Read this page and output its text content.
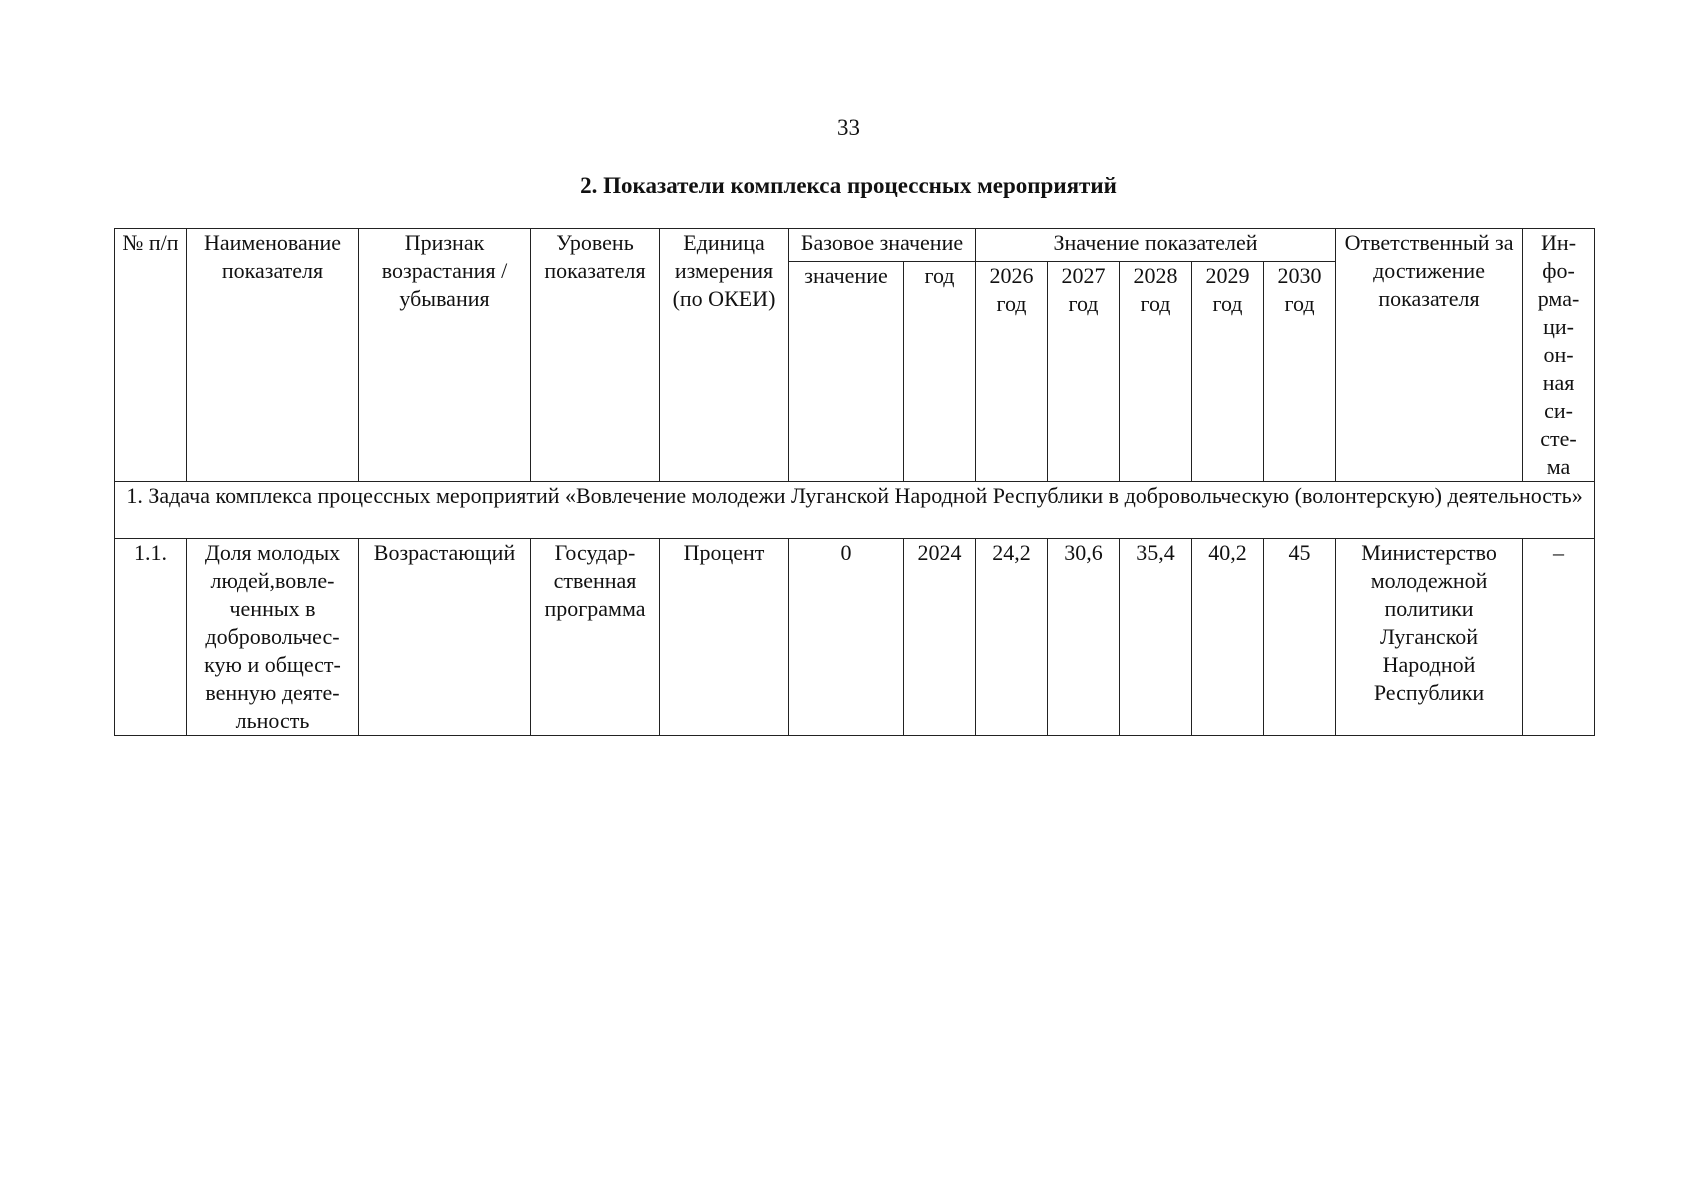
33
2. Показатели комплекса процессных мероприятий
№ п/п	Наименование показателя	Признак возрастания / убывания	Уровень показателя	Единица измерения (по ОКЕИ)	Базовое значение		Значение показателей					Ответственный за достижение показателя	Ин- фо- рма- ци- он- ная си- сте- ма
					значение	год	2026 год	2027 год	2028 год	2029 год	2030 год		
1. Задача комплекса процессных мероприятий «Вовлечение молодежи Луганской Народной Республики в добровольческую (волонтерскую) деятельность»													
1.1.	Доля молодых людей,вовле- ченных в добровольчес- кую и общест- венную деяте- льность	Возрастающий	Государ- ственная программа	Процент	0	2024	24,2	30,6	35,4	40,2	45	Министерство молодежной политики Луганской Народной Республики	–
